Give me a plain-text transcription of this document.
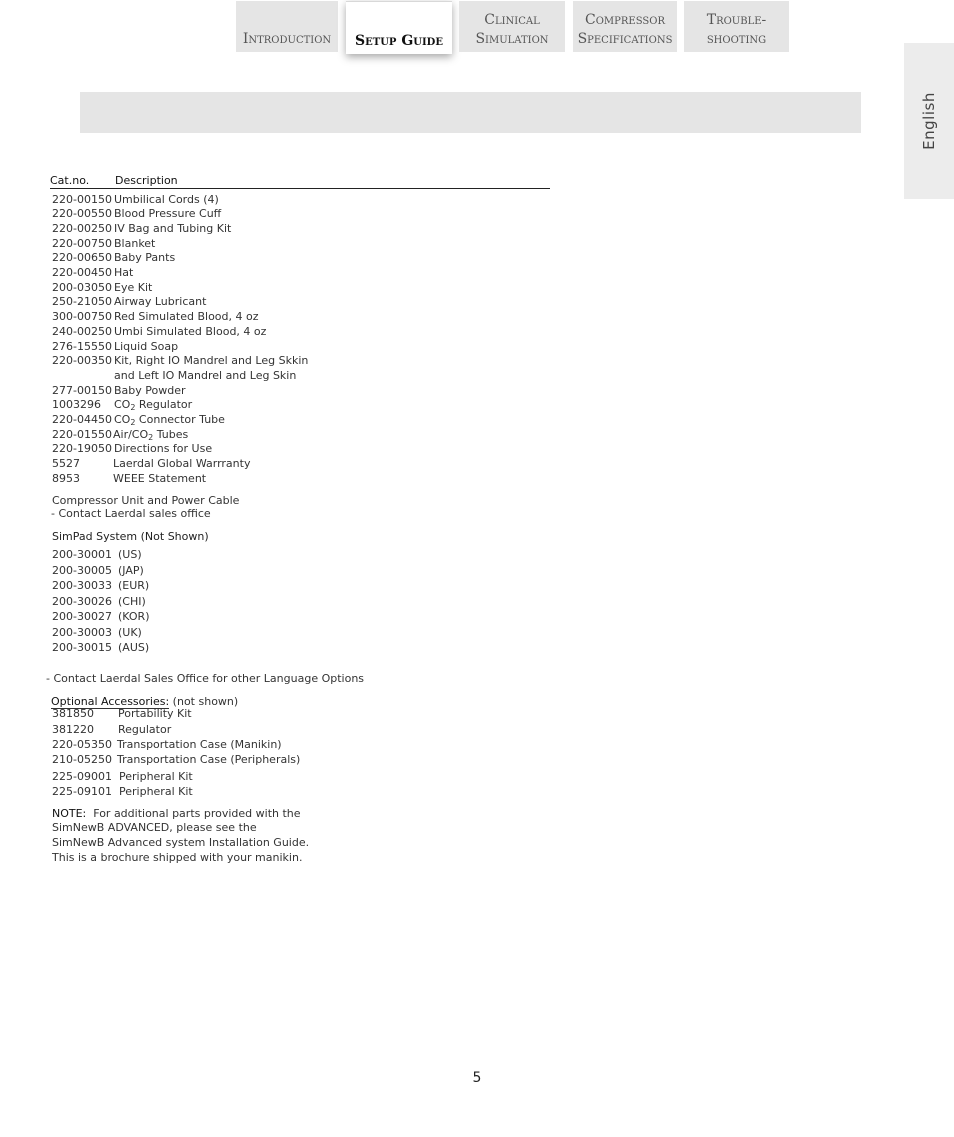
Introduction	Setup Guide
Clinical
Simulation
Compressor
Specifications
Trouble-
shooting
English
Cat.no. Description
220-00150 Umbilical Cords (4)
220-00550 Blood Pressure Cuff
220-00250 IV Bag and Tubing Kit
220-00750 Blanket
220-00650 Baby Pants
220-00450 Hat
200-03050 Eye Kit
250-21050 Airway Lubricant
300-00750 Red Simulated Blood, 4 oz
240-00250 Umbi Simulated Blood, 4 oz
276-15550 Liquid Soap
220-00350 Kit, Right IO Mandrel and Leg Skkin
and Left IO Mandrel and Leg Skin
277-00150 Baby Powder
1003296 $CO_2$ Regulator
220-04450 $CO_2$ Connector Tube
220-01550 Air/$CO_2$ Tubes
220-19050 Directions for Use
5527	Laerdal Global Warrranty
8953	WEEE Statement
Compressor Unit and Power Cable
- Contact Laerdal sales office
SimPad System (Not Shown)
200-30001 (US)
200-30005 (JAP)
200-30033 (EUR)
200-30026 (CHI)
200-30027 (KOR)
200-30003 (UK)
200-30015 (AUS)
- Contact Laerdal Sales Office for other Language Options
Optional Accessories: (not shown)
381850 Portability Kit
381220 Regulator
220-05350 Transportation Case (Manikin)
210-05250 Transportation Case (Peripherals)
225-09001 Peripheral Kit
225-09101 Peripheral Kit
NOTE:  For additional parts provided with the
SimNewB ADVANCED, please see the
SimNewB Advanced system Installation Guide.
This is a brochure shipped with your manikin.
5
